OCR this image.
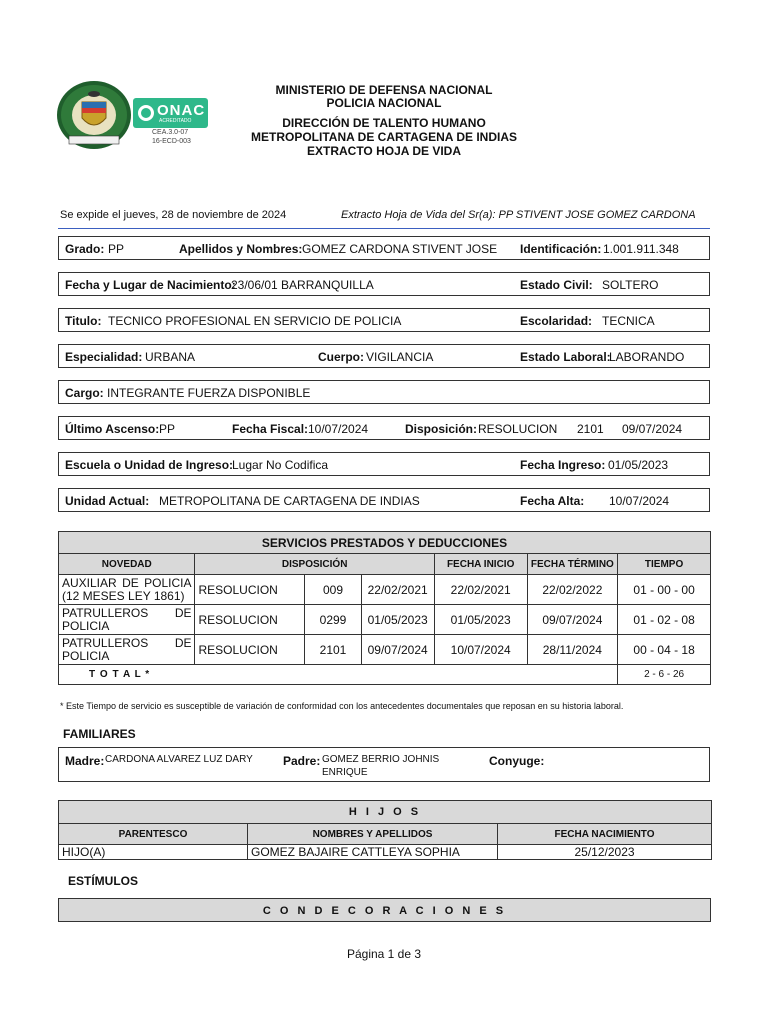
ONAC
ACREDITADO
CEA.3.0-07
16-ECD-003
MINISTERIO DE DEFENSA NACIONAL
POLICIA NACIONAL
DIRECCIÓN DE TALENTO HUMANO
METROPOLITANA DE CARTAGENA DE INDIAS
EXTRACTO HOJA DE VIDA
Se expide el jueves, 28 de noviembre de 2024	Extracto Hoja de Vida del Sr(a): PP STIVENT JOSE GOMEZ CARDONA
Grado: PP	Apellidos y Nombres: GOMEZ CARDONA STIVENT JOSE Identificación: 1.001.911.348
Fecha y Lugar de Nacimiento:
23/06/01 BARRANQUILLA	Estado Civil: SOLTERO
Titulo: TECNICO PROFESIONAL EN SERVICIO DE POLICIA	Escolaridad: TECNICA
Especialidad: URBANA	Cuerpo: VIGILANCIA	Estado Laboral:
LABORANDO
Cargo: INTEGRANTE FUERZA DISPONIBLE
Último Ascenso: PP	Fecha Fiscal: 10/07/2024	Disposición: RESOLUCION 2101 09/07/2024
Escuela o Unidad de Ingreso:
Lugar No Codifica	Fecha Ingreso: 01/05/2023
Unidad Actual: METROPOLITANA DE CARTAGENA DE INDIAS	Fecha Alta: 10/07/2024
SERVICIOS PRESTADOS Y DEDUCCIONES						
NOVEDAD	DISPOSICIÓN			FECHA INICIO	FECHA TÉRMINO	TIEMPO
AUXILIAR DE POLICIA (12 MESES LEY 1861)	RESOLUCION	009	22/02/2021	22/02/2021	22/02/2022	01 - 00 - 00
PATRULLEROS DE POLICIA	RESOLUCION	0299	01/05/2023	01/05/2023	09/07/2024	01 - 02 - 08
PATRULLEROS DE POLICIA	RESOLUCION	2101	09/07/2024	10/07/2024	28/11/2024	00 - 04 - 18
T O T A L *						2 - 6 - 26
* Este Tiempo de servicio es susceptible de variación de conformidad con los antecedentes documentales que reposan en su historia laboral.
FAMILIARES
Madre: CARDONA ALVAREZ LUZ DARY	Padre: GOMEZ BERRIO JOHNIS
ENRIQUE
Conyuge:
H I J O S		
PARENTESCO	NOMBRES Y APELLIDOS	FECHA NACIMIENTO
HIJO(A)	GOMEZ BAJAIRE CATTLEYA SOPHIA	25/12/2023
ESTÍMULOS
C O N D E C O R A C I O N E S
Página 1 de 3
